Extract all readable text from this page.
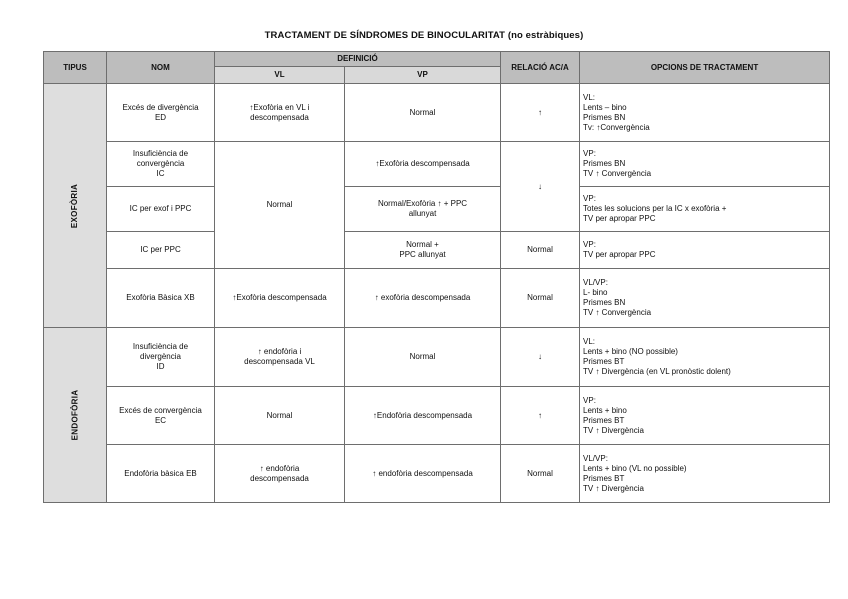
TRACTAMENT DE SÍNDROMES DE BINOCULARITAT (no estràbiques)
TIPUS	NOM	DEFINICIÓ		RELACIÓ AC/A	OPCIONS DE TRACTAMENT
		VL	VP		
EXOFÒRIA	Excés de divergència
ED	↑Exofòria en VL i
descompensada	Normal	↑	VL:
Lents – bino
Prismes BN
Tv: ↑Convergència

	Insuficiència de
convergència
IC	Normal	↑Exofòria descompensada	↓	VP:
Prismes BN
TV ↑ Convergència

	IC per exof i PPC		Normal/Exofòria ↑ + PPC
allunyat		VP:
Totes les solucions per la IC x exofòria +
TV per apropar PPC

	IC per PPC		Normal +
PPC allunyat	Normal	VP:
TV per apropar PPC

	Exofòria Bàsica XB	↑Exofòria descompensada	↑ exofòria descompensada	Normal	VL/VP:
L- bino
Prismes BN
TV ↑ Convergència

ENDOFÒRIA	Insuficiència de
divergència
ID	↑ endofòria i
descompensada VL	Normal	↓	VL:
Lents + bino (NO possible)
Prismes BT
TV ↑ Divergència (en VL pronòstic dolent)

	Excés de convergència
EC	Normal	↑Endofòria descompensada	↑	VP:
Lents + bino
Prismes BT
TV ↑ Divergència

	Endofòria bàsica EB	↑ endofòria
descompensada	↑ endofòria descompensada	Normal	VL/VP:
Lents + bino (VL no possible)
Prismes BT
TV ↑ Divergència
